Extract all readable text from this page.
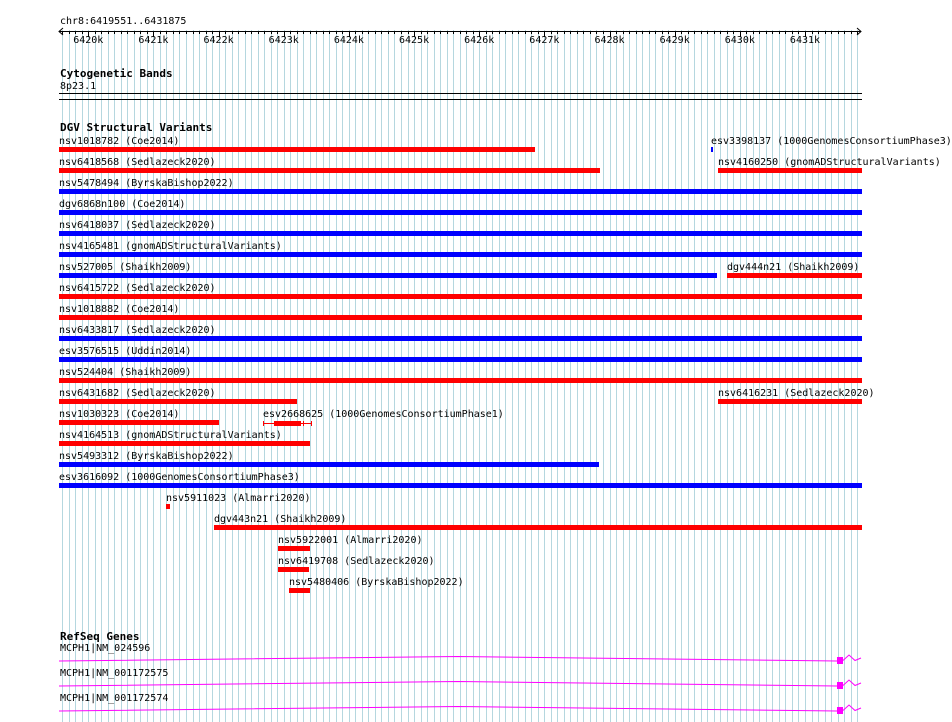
chr8:6419551..6431875
6420k	6421k	6422k	6423k	6424k	6425k	6426k	6427k	6428k	6429k	6430k	6431k
Cytogenetic Bands
8p23.1
DGV Structural Variants
nsv1018782 (Coe2014)	esv3398137 (1000GenomesConsortiumPhase3)
nsv6418568 (Sedlazeck2020)	nsv4160250 (gnomADStructuralVariants)
nsv5478494 (ByrskaBishop2022)
dgv6868n100 (Coe2014)
nsv6418037 (Sedlazeck2020)
nsv4165481 (gnomADStructuralVariants)
nsv527005 (Shaikh2009)	dgv444n21 (Shaikh2009)
nsv6415722 (Sedlazeck2020)
nsv1018882 (Coe2014)
nsv6433817 (Sedlazeck2020)
esv3576515 (Uddin2014)
nsv524404 (Shaikh2009)
nsv6431682 (Sedlazeck2020)	nsv6416231 (Sedlazeck2020)
nsv1030323 (Coe2014)	esv2668625 (1000GenomesConsortiumPhase1)
nsv4164513 (gnomADStructuralVariants)
nsv5493312 (ByrskaBishop2022)
esv3616092 (1000GenomesConsortiumPhase3)
nsv5911023 (Almarri2020)
dgv443n21 (Shaikh2009)
nsv5922001 (Almarri2020)
nsv6419708 (Sedlazeck2020)
nsv5480406 (ByrskaBishop2022)
RefSeq Genes
MCPH1|NM_024596
MCPH1|NM_001172575
MCPH1|NM_001172574
